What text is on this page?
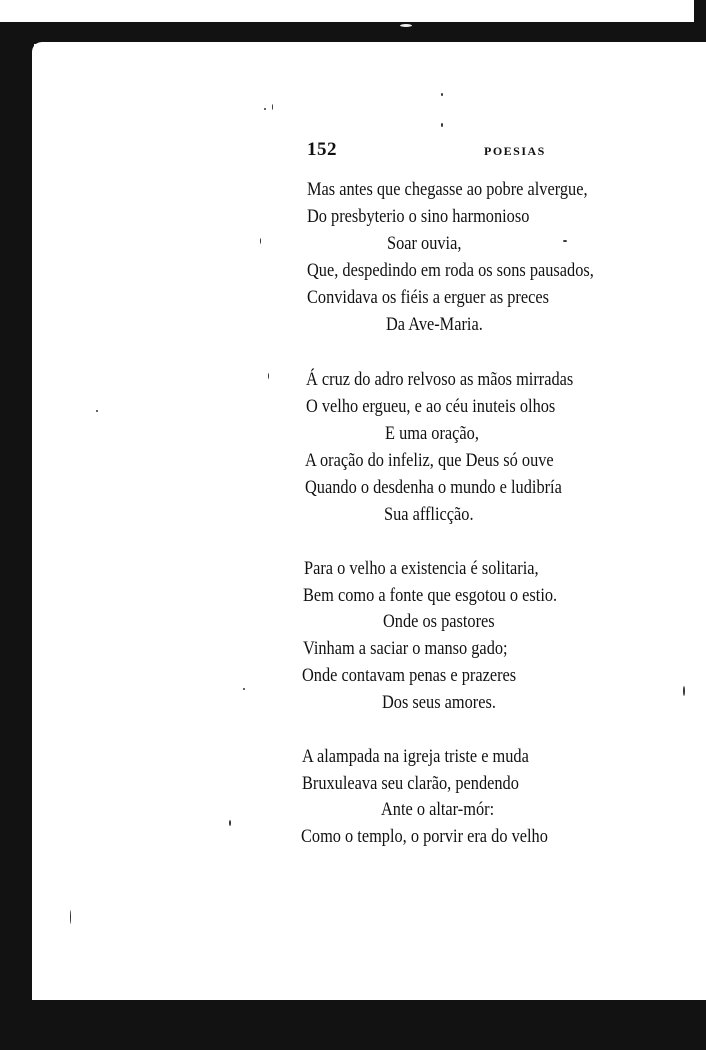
152	POESIAS
Mas antes que chegasse ao pobre alvergue,
Do presbyterio o sino harmonioso
Soar ouvia,
Que, despedindo em roda os sons pausados,
Convidava os fiéis a erguer as preces
Da Ave-Maria.
Á cruz do adro relvoso as mãos mirradas
O velho ergueu, e ao céu inuteis olhos
E uma oração,
A oração do infeliz, que Deus só ouve
Quando o desdenha o mundo e ludibría
Sua afflicção.
Para o velho a existencia é solitaria,
Bem como a fonte que esgotou o estio.
Onde os pastores
Vinham a saciar o manso gado;
Onde contavam penas e prazeres
Dos seus amores.
A alampada na igreja triste e muda
Bruxuleava seu clarão, pendendo
Ante o altar-mór:
Como o templo, o porvir era do velho
